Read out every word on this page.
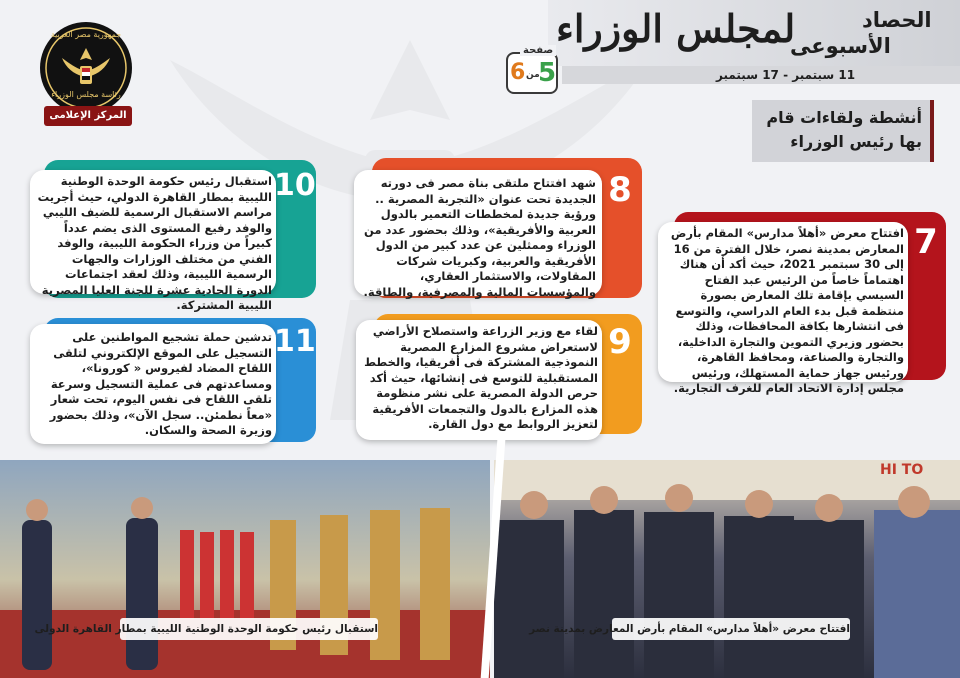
لمجلس الوزراء	الحصاد
الأسبوعى
11 سبتمبر - 17 سبتمبر
صفحة
5
من
6
جمهورية مصر العربية
رئاسة مجلس الوزراء
المركز الإعلامى	أنشطة ولقاءات قام بها رئيس الوزراء
افتتاح معرض «أهلاً مدارس» المقام بأرض المعارض بمدينة نصر، خلال الفترة من 16 إلى 30 سبتمبر 2021، حيث أكد أن هناك اهتماماً خاصاً من الرئيس عبد الفتاح السيسي بإقامة تلك المعارض بصورة منتظمة قبل بدء العام الدراسي، والتوسع فى انتشارها بكافة المحافظات، وذلك بحضور وزيري التموين والتجارة الداخلية، والتجارة والصناعة، ومحافظ القاهرة، ورئيس جهاز حماية المستهلك، ورئيس مجلس إدارة الاتحاد العام للغرف التجارية.
7
شهد افتتاح ملتقى بناة مصر فى دورته الجديدة تحت عنوان «التجربة المصرية .. ورؤية جديدة لمخططات التعمير بالدول العربية والأفريقية»، وذلك بحضور عدد من الوزراء وممثلين عن عدد كبير من الدول الأفريقية والعربية، وكبريات شركات المقاولات، والاستثمار العقاري، والمؤسسات المالية والمصرفية، والطاقة.
8
لقاء مع وزير الزراعة واستصلاح الأراضي لاستعراض مشروع المزارع المصرية النموذجية المشتركة فى أفريقيا، والخطط المستقبلية للتوسع فى إنشائها، حيث أكد حرص الدولة المصرية على نشر منظومة هذه المزارع بالدول والتجمعات الأفريقية لتعزيز الروابط مع دول القارة.
9
استقبال رئيس حكومة الوحدة الوطنية الليبية بمطار القاهرة الدولي، حيث أجريت مراسم الاستقبال الرسمية للضيف الليبي والوفد رفيع المستوى الذى يضم عدداً كبيراً من وزراء الحكومة الليبية، والوفد الفني من مختلف الوزارات والجهات الرسمية الليبية، وذلك لعقد اجتماعات الدورة الحادية عشرة للجنة العليا المصرية الليبية المشتركة.
10
تدشين حملة تشجيع المواطنين على التسجيل على الموقع الإلكتروني لتلقى اللقاح المضاد لفيروس « كورونا»، ومساعدتهم فى عملية التسجيل وسرعة تلقى اللقاح فى نفس اليوم، تحت شعار «معاً نطمئن.. سجل الآن»، وذلك بحضور وزيرة الصحة والسكان.
11
HI TO
استقبال رئيس حكومة الوحدة الوطنية الليبية بمطار القاهرة الدولى	افتتاح معرض «أهلاً مدارس» المقام بأرض المعارض بمدينة نصر
